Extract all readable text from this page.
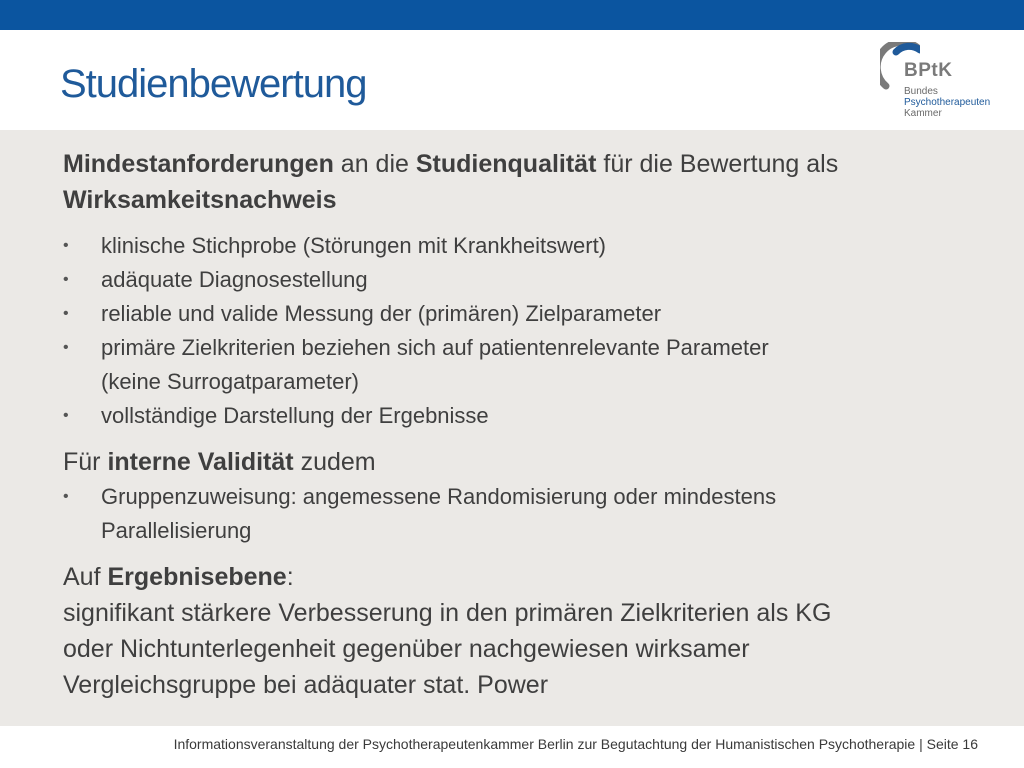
Studienbewertung	BPtK
Bundes
Psychotherapeuten
Kammer

Mindestanforderungen an die Studienqualität für die Bewertung als
Wirksamkeitsnachweis

• klinische Stichprobe (Störungen mit Krankheitswert)
• adäquate Diagnosestellung
• reliable und valide Messung der (primären) Zielparameter
• primäre Zielkriterien beziehen sich auf patientenrelevante Parameter
(keine Surrogatparameter)
• vollständige Darstellung der Ergebnisse

Für interne Validität zudem

• Gruppenzuweisung: angemessene Randomisierung oder mindestens
Parallelisierung

Auf Ergebnisebene:
signifikant stärkere Verbesserung in den primären Zielkriterien als KG
oder Nichtunterlegenheit gegenüber nachgewiesen wirksamer
Vergleichsgruppe bei adäquater stat. Power

Informationsveranstaltung der Psychotherapeutenkammer Berlin zur Begutachtung der Humanistischen Psychotherapie | Seite 16
